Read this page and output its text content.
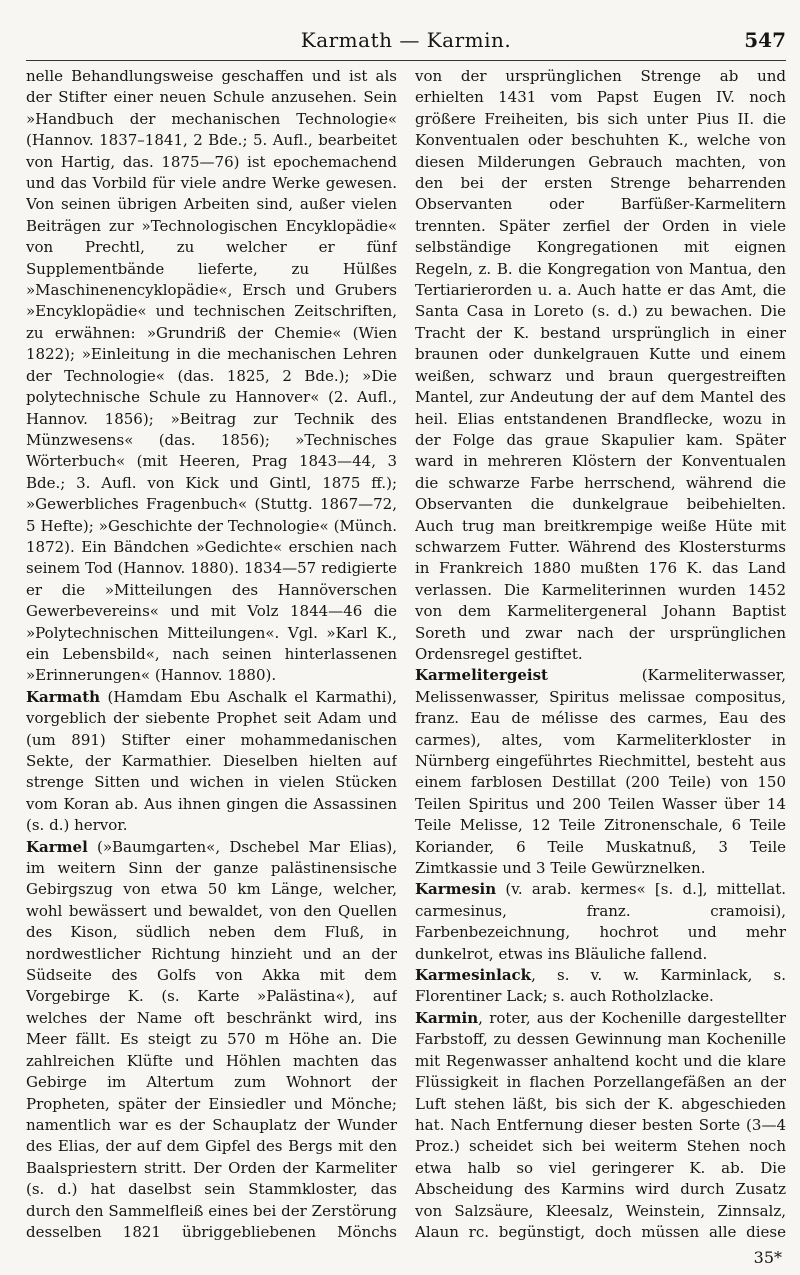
Karmath — Karmin.	547

nelle Behandlungsweise geschaffen und ist als der Stifter einer neuen Schule anzusehen. Sein »Handbuch der mechanischen Technologie« (Hannov. 1837–1841, 2 Bde.; 5. Aufl., bearbeitet von Hartig, das. 1875—76) ist epochemachend und das Vorbild für viele andre Werke gewesen. Von seinen übrigen Arbeiten sind, außer vielen Beiträgen zur »Technologischen Encyklopädie« von Prechtl, zu welcher er fünf Supplementbände lieferte, zu Hülßes »Maschinenencyklopädie«, Ersch und Grubers »Encyklopädie« und technischen Zeitschriften, zu erwähnen: »Grundriß der Chemie« (Wien 1822); »Einleitung in die mechanischen Lehren der Technologie« (das. 1825, 2 Bde.); »Die polytechnische Schule zu Hannover« (2. Aufl., Hannov. 1856); »Beitrag zur Technik des Münzwesens« (das. 1856); »Technisches Wörterbuch« (mit Heeren, Prag 1843—44, 3 Bde.; 3. Aufl. von Kick und Gintl, 1875 ff.); »Gewerbliches Fragenbuch« (Stuttg. 1867—72, 5 Hefte); »Geschichte der Technologie« (Münch. 1872). Ein Bändchen »Gedichte« erschien nach seinem Tod (Hannov. 1880). 1834—57 redigierte er die »Mitteilungen des Hannöverschen Gewerbevereins« und mit Volz 1844—46 die »Polytechnischen Mitteilungen«. Vgl. »Karl K., ein Lebensbild«, nach seinen hinterlassenen »Erinnerungen« (Hannov. 1880).

Karmath (Hamdam Ebu Aschalk el Karmathi), vorgeblich der siebente Prophet seit Adam und (um 891) Stifter einer mohammedanischen Sekte, der Karmathier. Dieselben hielten auf strenge Sitten und wichen in vielen Stücken vom Koran ab. Aus ihnen gingen die Assassinen (s. d.) hervor.

Karmel (»Baumgarten«, Dschebel Mar Elias), im weitern Sinn der ganze palästinensische Gebirgszug von etwa 50 km Länge, welcher, wohl bewässert und bewaldet, von den Quellen des Kison, südlich neben dem Fluß, in nordwestlicher Richtung hinzieht und an der Südseite des Golfs von Akka mit dem Vorgebirge K. (s. Karte »Palästina«), auf welches der Name oft beschränkt wird, ins Meer fällt. Es steigt zu 570 m Höhe an. Die zahlreichen Klüfte und Höhlen machten das Gebirge im Altertum zum Wohnort der Propheten, später der Einsiedler und Mönche; namentlich war es der Schauplatz der Wunder des Elias, der auf dem Gipfel des Bergs mit den Baalspriestern stritt. Der Orden der Karmeliter (s. d.) hat daselbst sein Stammkloster, das durch den Sammelfleiß eines bei der Zerstörung desselben 1821 übriggebliebenen Mönchs

von der ursprünglichen Strenge ab und erhielten 1431 vom Papst Eugen IV. noch größere Freiheiten, bis sich unter Pius II. die Konventualen oder beschuhten K., welche von diesen Milderungen Gebrauch machten, von den bei der ersten Strenge beharrenden Observanten oder Barfüßer-Karmelitern trennten. Später zerfiel der Orden in viele selbständige Kongregationen mit eignen Regeln, z. B. die Kongregation von Mantua, den Tertiarierorden u. a. Auch hatte er das Amt, die Santa Casa in Loreto (s. d.) zu bewachen. Die Tracht der K. bestand ursprünglich in einer braunen oder dunkelgrauen Kutte und einem weißen, schwarz und braun quergestreiften Mantel, zur Andeutung der auf dem Mantel des heil. Elias entstandenen Brandflecke, wozu in der Folge das graue Skapulier kam. Später ward in mehreren Klöstern der Konventualen die schwarze Farbe herrschend, während die Observanten die dunkelgraue beibehielten. Auch trug man breitkrempige weiße Hüte mit schwarzem Futter. Während des Klostersturms in Frankreich 1880 mußten 176 K. das Land verlassen. Die Karmeliterinnen wurden 1452 von dem Karmelitergeneral Johann Baptist Soreth und zwar nach der ursprünglichen Ordensregel gestiftet.

Karmelitergeist (Karmeliterwasser, Melissenwasser, Spiritus melissae compositus, franz. Eau de mélisse des carmes, Eau des carmes), altes, vom Karmeliterkloster in Nürnberg eingeführtes Riechmittel, besteht aus einem farblosen Destillat (200 Teile) von 150 Teilen Spiritus und 200 Teilen Wasser über 14 Teile Melisse, 12 Teile Zitronenschale, 6 Teile Koriander, 6 Teile Muskatnuß, 3 Teile Zimtkassie und 3 Teile Gewürznelken.

Karmesin (v. arab. kermes« [s. d.], mittellat. carmesinus, franz. cramoisi), Farbenbezeichnung, hochrot und mehr dunkelrot, etwas ins Bläuliche fallend.

Karmesinlack, s. v. w. Karminlack, s. Florentiner Lack; s. auch Rotholzlacke.

Karmin, roter, aus der Kochenille dargestellter Farbstoff, zu dessen Gewinnung man Kochenille mit Regenwasser anhaltend kocht und die klare Flüssigkeit in flachen Porzellangefäßen an der Luft stehen läßt, bis sich der K. abgeschieden hat. Nach Entfernung dieser besten Sorte (3—4 Proz.) scheidet sich bei weiterm Stehen noch etwa halb so viel geringerer K. ab. Die Abscheidung des Karmins wird durch Zusatz von Salzsäure, Kleesalz, Weinstein, Zinnsalz, Alaun rc. begünstigt, doch müssen alle diese

35*
